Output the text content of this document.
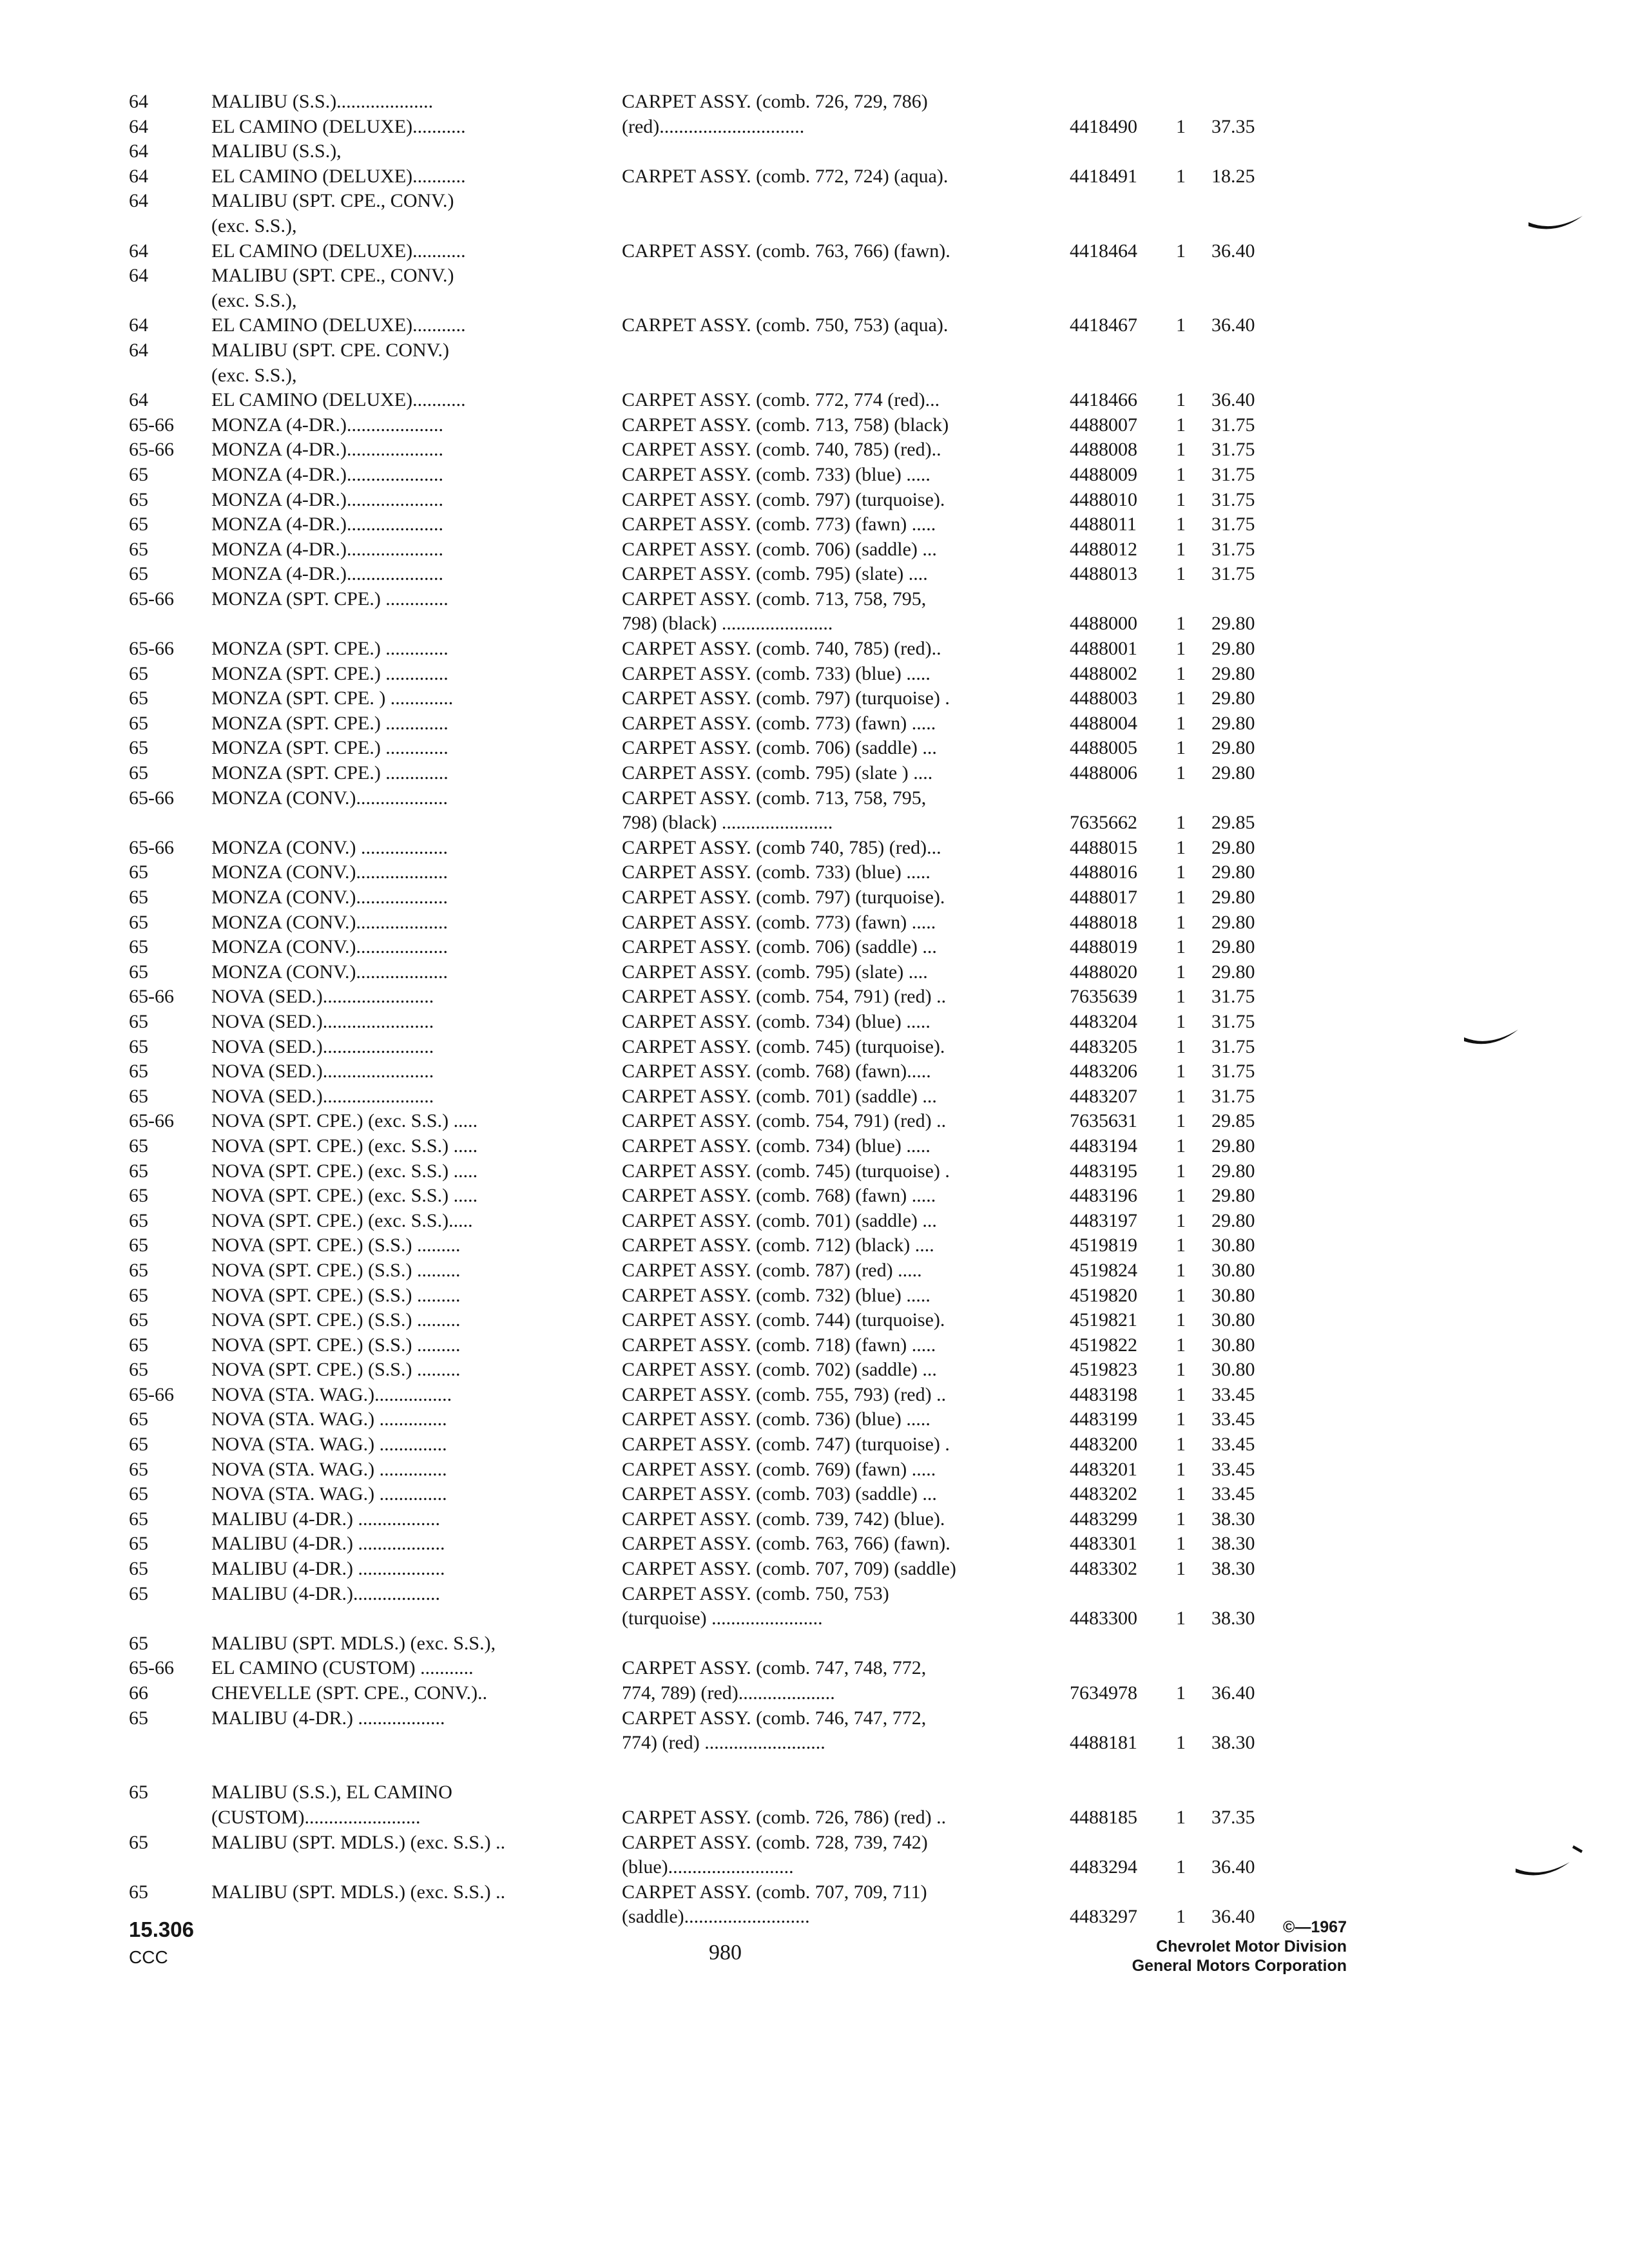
64	MALIBU (S.S.)....................	CARPET ASSY. (comb. 726, 729, 786)
64	EL CAMINO (DELUXE)...........	(red)..............................	4418490	1	37.35
64	MALIBU (S.S.),
64	EL CAMINO (DELUXE)...........	CARPET ASSY. (comb. 772, 724) (aqua).	4418491	1	18.25
64	MALIBU (SPT. CPE., CONV.)
(exc. S.S.),
64	EL CAMINO (DELUXE)...........	CARPET ASSY. (comb. 763, 766) (fawn).	4418464	1	36.40
64	MALIBU (SPT. CPE., CONV.)
(exc. S.S.),
64	EL CAMINO (DELUXE)...........	CARPET ASSY. (comb. 750, 753) (aqua).	4418467	1	36.40
64	MALIBU (SPT. CPE. CONV.)
(exc. S.S.),
64	EL CAMINO (DELUXE)...........	CARPET ASSY. (comb. 772, 774 (red)...	4418466	1	36.40
65-66	MONZA (4-DR.)....................	CARPET ASSY. (comb. 713, 758) (black)	4488007	1	31.75
65-66	MONZA (4-DR.)....................	CARPET ASSY. (comb. 740, 785) (red)..	4488008	1	31.75
65	MONZA (4-DR.)....................	CARPET ASSY. (comb. 733) (blue) .....	4488009	1	31.75
65	MONZA (4-DR.)....................	CARPET ASSY. (comb. 797) (turquoise).	4488010	1	31.75
65	MONZA (4-DR.)....................	CARPET ASSY. (comb. 773) (fawn) .....	4488011	1	31.75
65	MONZA (4-DR.)....................	CARPET ASSY. (comb. 706) (saddle) ...	4488012	1	31.75
65	MONZA (4-DR.)....................	CARPET ASSY. (comb. 795) (slate) ....	4488013	1	31.75
65-66	MONZA (SPT. CPE.) .............	CARPET ASSY. (comb. 713, 758, 795,
798) (black) .......................	4488000	1	29.80
65-66	MONZA (SPT. CPE.) .............	CARPET ASSY. (comb. 740, 785) (red)..	4488001	1	29.80
65	MONZA (SPT. CPE.) .............	CARPET ASSY. (comb. 733) (blue) .....	4488002	1	29.80
65	MONZA (SPT. CPE. ) .............	CARPET ASSY. (comb. 797) (turquoise) .	4488003	1	29.80
65	MONZA (SPT. CPE.) .............	CARPET ASSY. (comb. 773) (fawn) .....	4488004	1	29.80
65	MONZA (SPT. CPE.) .............	CARPET ASSY. (comb. 706) (saddle) ...	4488005	1	29.80
65	MONZA (SPT. CPE.) .............	CARPET ASSY. (comb. 795) (slate ) ....	4488006	1	29.80
65-66	MONZA (CONV.)...................	CARPET ASSY. (comb. 713, 758, 795,
798) (black) .......................	7635662	1	29.85
65-66	MONZA (CONV.) ..................	CARPET ASSY. (comb 740, 785) (red)...	4488015	1	29.80
65	MONZA (CONV.)...................	CARPET ASSY. (comb. 733) (blue) .....	4488016	1	29.80
65	MONZA (CONV.)...................	CARPET ASSY. (comb. 797) (turquoise).	4488017	1	29.80
65	MONZA (CONV.)...................	CARPET ASSY. (comb. 773) (fawn) .....	4488018	1	29.80
65	MONZA (CONV.)...................	CARPET ASSY. (comb. 706) (saddle) ...	4488019	1	29.80
65	MONZA (CONV.)...................	CARPET ASSY. (comb. 795) (slate) ....	4488020	1	29.80
65-66	NOVA (SED.).......................	CARPET ASSY. (comb. 754, 791) (red) ..	7635639	1	31.75
65	NOVA (SED.).......................	CARPET ASSY. (comb. 734) (blue) .....	4483204	1	31.75
65	NOVA (SED.).......................	CARPET ASSY. (comb. 745) (turquoise).	4483205	1	31.75
65	NOVA (SED.).......................	CARPET ASSY. (comb. 768) (fawn).....	4483206	1	31.75
65	NOVA (SED.).......................	CARPET ASSY. (comb. 701) (saddle) ...	4483207	1	31.75
65-66	NOVA (SPT. CPE.) (exc. S.S.) .....	CARPET ASSY. (comb. 754, 791) (red) ..	7635631	1	29.85
65	NOVA (SPT. CPE.) (exc. S.S.) .....	CARPET ASSY. (comb. 734) (blue) .....	4483194	1	29.80
65	NOVA (SPT. CPE.) (exc. S.S.) .....	CARPET ASSY. (comb. 745) (turquoise) .	4483195	1	29.80
65	NOVA (SPT. CPE.) (exc. S.S.) .....	CARPET ASSY. (comb. 768) (fawn) .....	4483196	1	29.80
65	NOVA (SPT. CPE.) (exc. S.S.).....	CARPET ASSY. (comb. 701) (saddle) ...	4483197	1	29.80
65	NOVA (SPT. CPE.) (S.S.) .........	CARPET ASSY. (comb. 712) (black) ....	4519819	1	30.80
65	NOVA (SPT. CPE.) (S.S.) .........	CARPET ASSY. (comb. 787) (red) .....	4519824	1	30.80
65	NOVA (SPT. CPE.) (S.S.) .........	CARPET ASSY. (comb. 732) (blue) .....	4519820	1	30.80
65	NOVA (SPT. CPE.) (S.S.) .........	CARPET ASSY. (comb. 744) (turquoise).	4519821	1	30.80
65	NOVA (SPT. CPE.) (S.S.) .........	CARPET ASSY. (comb. 718) (fawn) .....	4519822	1	30.80
65	NOVA (SPT. CPE.) (S.S.) .........	CARPET ASSY. (comb. 702) (saddle) ...	4519823	1	30.80
65-66	NOVA (STA. WAG.)................	CARPET ASSY. (comb. 755, 793) (red) ..	4483198	1	33.45
65	NOVA (STA. WAG.) ..............	CARPET ASSY. (comb. 736) (blue) .....	4483199	1	33.45
65	NOVA (STA. WAG.) ..............	CARPET ASSY. (comb. 747) (turquoise) .	4483200	1	33.45
65	NOVA (STA. WAG.) ..............	CARPET ASSY. (comb. 769) (fawn) .....	4483201	1	33.45
65	NOVA (STA. WAG.) ..............	CARPET ASSY. (comb. 703) (saddle) ...	4483202	1	33.45
65	MALIBU (4-DR.) .................	CARPET ASSY. (comb. 739, 742) (blue).	4483299	1	38.30
65	MALIBU (4-DR.) ..................	CARPET ASSY. (comb. 763, 766) (fawn).	4483301	1	38.30
65	MALIBU (4-DR.) ..................	CARPET ASSY. (comb. 707, 709) (saddle)	4483302	1	38.30
65	MALIBU (4-DR.)..................	CARPET ASSY. (comb. 750, 753)
(turquoise) .......................	4483300	1	38.30
65	MALIBU (SPT. MDLS.) (exc. S.S.),
65-66	EL CAMINO (CUSTOM) ...........	CARPET ASSY. (comb. 747, 748, 772,
66	CHEVELLE (SPT. CPE., CONV.)..	774, 789) (red)....................	7634978	1	36.40
65	MALIBU (4-DR.) ..................	CARPET ASSY. (comb. 746, 747, 772,
774) (red) .........................	4488181	1	38.30
65	MALIBU (S.S.), EL CAMINO
(CUSTOM)........................	CARPET ASSY. (comb. 726, 786) (red) ..	4488185	1	37.35
65	MALIBU (SPT. MDLS.) (exc. S.S.) ..	CARPET ASSY. (comb. 728, 739, 742)
(blue)..........................	4483294	1	36.40
65	MALIBU (SPT. MDLS.) (exc. S.S.) ..	CARPET ASSY. (comb. 707, 709, 711)
(saddle)..........................	4483297	1	36.40
15.306
CCC	980
©—1967
Chevrolet Motor Division
General Motors Corporation
